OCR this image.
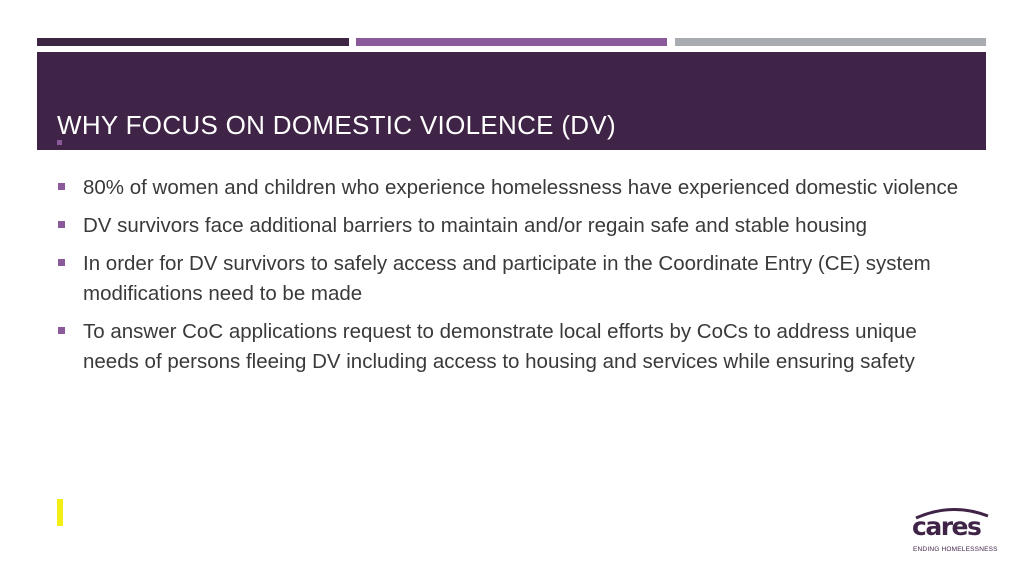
WHY FOCUS ON DOMESTIC VIOLENCE (DV)
80% of women and children who experience homelessness have experienced domestic violence
DV survivors face additional barriers to maintain and/or regain safe and stable housing
In order for DV survivors to safely access and participate in the Coordinate Entry (CE) system modifications need to be made
To answer CoC applications request to demonstrate local efforts by CoCs to address unique needs of persons fleeing DV including access to housing and services while ensuring safety
cares
ENDING HOMELESSNESS
